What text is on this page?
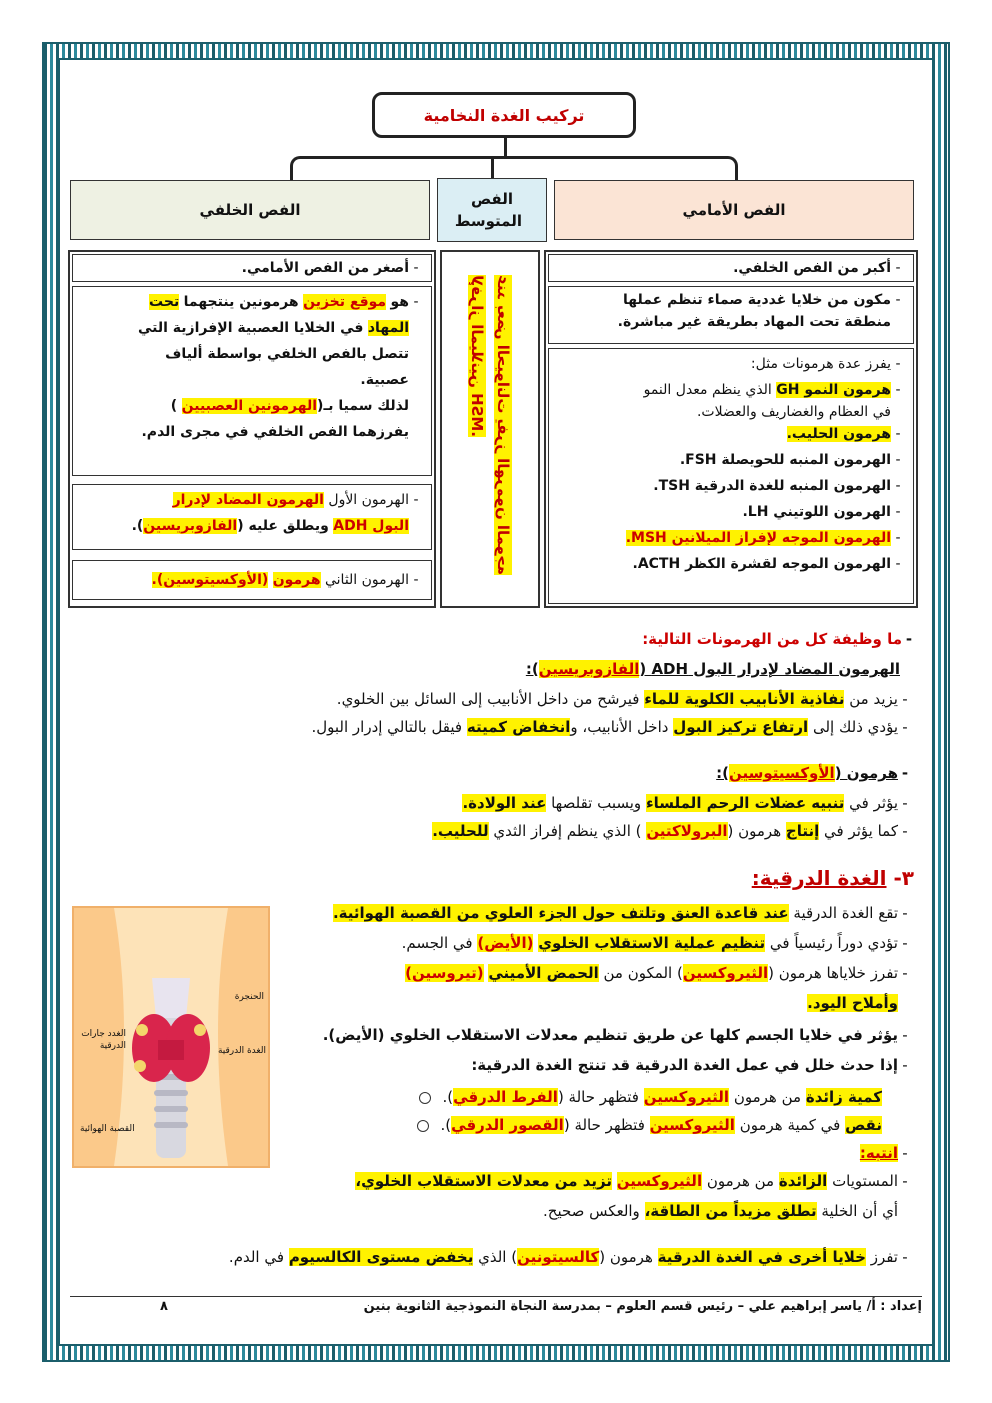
تركيب الغدة النخامية
الفص الأمامي
الفص المتوسط
الفص الخلفي
عند بعض الحيوانات يفرز الهرمون الموجه لإفراز الميلانين MSH.
-أكبر من الفص الخلفي.
-مكون من خلايا غددية صماء تنظم عملها
منطقة تحت المهاد بطريقة غير مباشرة.
-يفرز عدة هرمونات مثل:
-هرمون النمو GH الذي ينظم معدل النمو
في العظام والغضاريف والعضلات.
-هرمون الحليب.
-الهرمون المنبه للحويصلة FSH.
-الهرمون المنبه للغدة الدرقية TSH.
-الهرمون اللوتيني LH.
-الهرمون الموجه لإفراز الميلانين MSH.
-الهرمون الموجه لقشرة الكظر ACTH.
-أصغر من الفص الأمامي.
-هو موقع تخزين هرمونين ينتجهما تحت
المهاد في الخلايا العصبية الإفرازية التي
تتصل بالفص الخلفي بواسطة ألياف
عصبية.
لذلك سميا بـ(الهرمونين العصبيين )
يفرزهما الفص الخلفي في مجرى الدم.
-الهرمون الأول الهرمون المضاد لإدرار
البول ADH ويطلق عليه (الفازوبريسين).
-الهرمون الثاني هرمون (الأوكسيتوسين).
-ما وظيفة كل من الهرمونات التالية:
الهرمون المضاد لإدرار البول ADH (الفازوبريسين):
-يزيد من نفاذية الأنابيب الكلوية للماء فيرشح من داخل الأنابيب إلى السائل بين الخلوي.
-يؤدي ذلك إلى ارتفاع تركيز البول داخل الأنابيب، وانخفاض كميته فيقل بالتالي إدرار البول.
-هرمون (الأوكسيتوسين):
-يؤثر في تنبيه عضلات الرحم الملساء ويسبب تقلصها عند الولادة.
-كما يؤثر في إنتاج هرمون (البرولاكتين ) الذي ينظم إفراز الثدي للحليب.
٣- الغدة الدرقية:
-تقع الغدة الدرقية عند قاعدة العنق وتلتف حول الجزء العلوي من القصبة الهوائية.
-تؤدي دوراً رئيسياً في تنظيم عملية الاستقلاب الخلوي (الأيض) في الجسم.
-تفرز خلاياها هرمون (الثيروكسين) المكون من الحمض الأميني (تيروسين)
وأملاح اليود.
-يؤثر في خلايا الجسم كلها عن طريق تنظيم معدلات الاستقلاب الخلوي (الأيض).
-إذا حدث خلل في عمل الغدة الدرقية قد تنتج الغدة الدرقية:
كمية زائدة من هرمون الثيروكسين فتظهر حالة (الفرط الدرقي).
نقص في كمية هرمون الثيروكسين فتظهر حالة (القصور الدرقي).
-انتبه:
-المستويات الزائدة من هرمون الثيروكسين تزيد من معدلات الاستقلاب الخلوي،
أي أن الخلية تطلق مزيداً من الطاقة، والعكس صحيح.
-تفرز خلايا أخرى في الغدة الدرقية هرمون (كالسيتونين) الذي يخفض مستوى الكالسيوم في الدم.
الحنجرة
الغدد جارات الدرقية	الغدة الدرقية
القصبة الهوائية
إعداد : أ/ ياسر إبراهيم علي – رئيس قسم العلوم – بمدرسة النجاة النموذجية الثانوية بنين
٨
